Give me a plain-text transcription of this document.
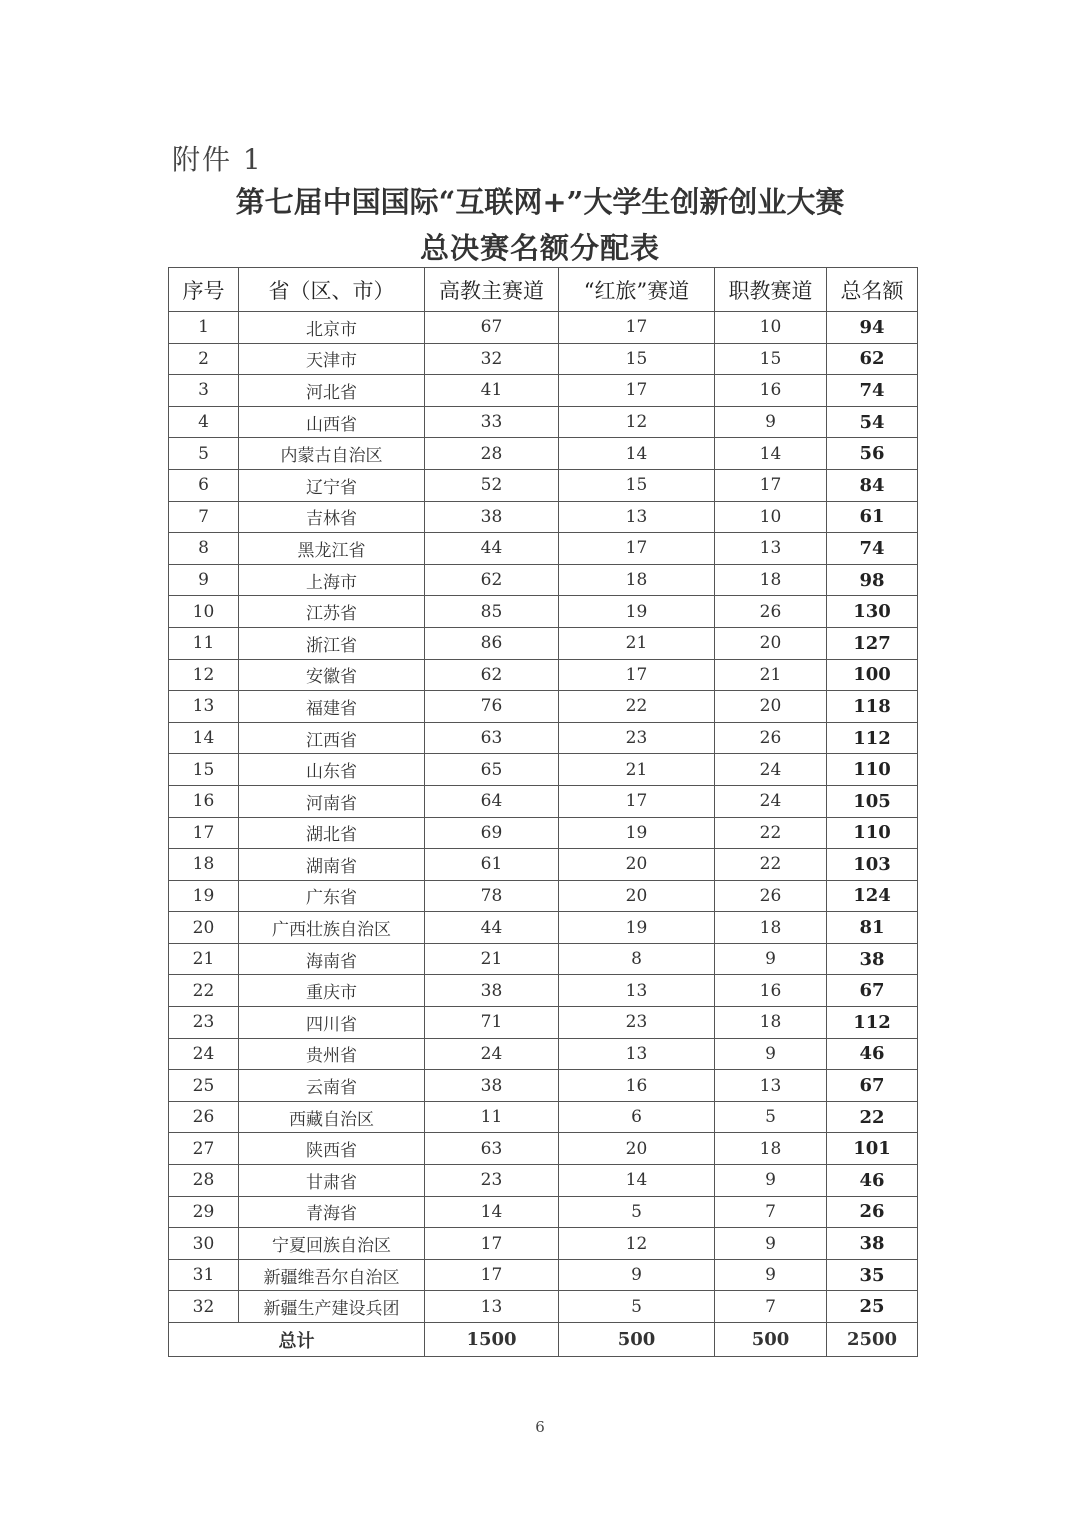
附件 1
第七届中国国际“互联网+”大学生创新创业大赛
总决赛名额分配表
序号	省（区、市）	高教主赛道	“红旅”赛道	职教赛道	总名额
1	北京市	67	17	10	94
2	天津市	32	15	15	62
3	河北省	41	17	16	74
4	山西省	33	12	9	54
5	内蒙古自治区	28	14	14	56
6	辽宁省	52	15	17	84
7	吉林省	38	13	10	61
8	黑龙江省	44	17	13	74
9	上海市	62	18	18	98
10	江苏省	85	19	26	130
11	浙江省	86	21	20	127
12	安徽省	62	17	21	100
13	福建省	76	22	20	118
14	江西省	63	23	26	112
15	山东省	65	21	24	110
16	河南省	64	17	24	105
17	湖北省	69	19	22	110
18	湖南省	61	20	22	103
19	广东省	78	20	26	124
20	广西壮族自治区	44	19	18	81
21	海南省	21	8	9	38
22	重庆市	38	13	16	67
23	四川省	71	23	18	112
24	贵州省	24	13	9	46
25	云南省	38	16	13	67
26	西藏自治区	11	6	5	22
27	陕西省	63	20	18	101
28	甘肃省	23	14	9	46
29	青海省	14	5	7	26
30	宁夏回族自治区	17	12	9	38
31	新疆维吾尔自治区	17	9	9	35
32	新疆生产建设兵团	13	5	7	25
总计		1500	500	500	2500
6
